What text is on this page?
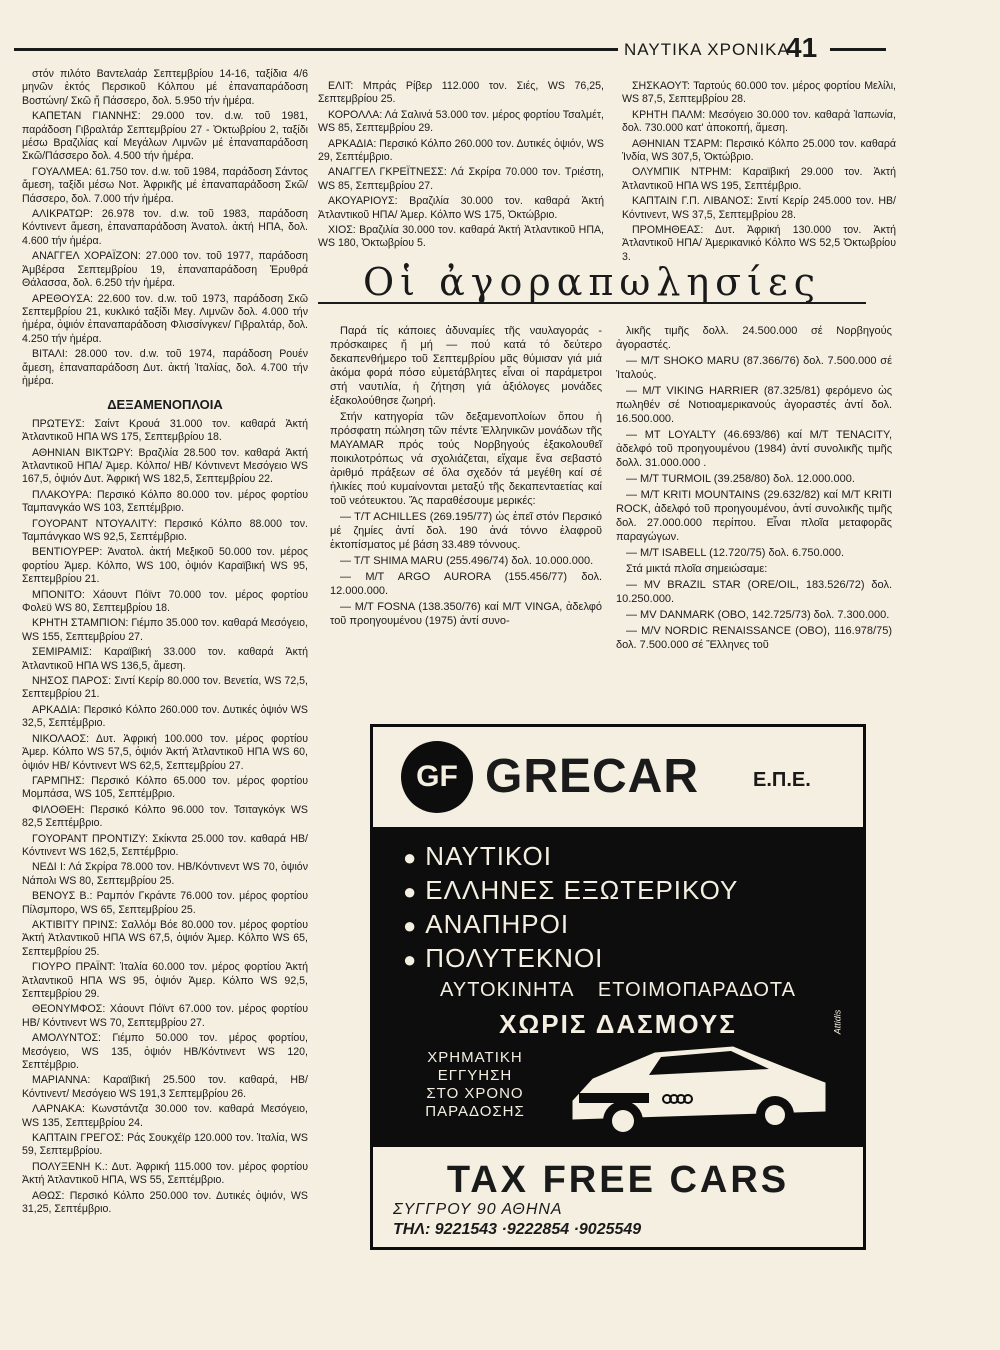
ΝΑΥΤΙΚΑ ΧΡΟΝΙΚΑ
41

στόν πιλότο Βαντελαάρ Σεπτεμβρίου 14-16, ταξίδια 4/6 μηνῶν ἐκτός Περσικοῦ Κόλπου μέ ἐπαναπαράδοση Βοστώνη/ Σκῶ ἤ Πάσσερο, δολ. 5.950 τήν ἡμέρα.

ΚΑΠΕΤΑΝ ΓΙΑΝΝΗΣ: 29.000 τον. d.w. τοῦ 1981, παράδοση Γιβραλτάρ Σεπτεμβρίου 27 - Ὀκτωβρίου 2, ταξίδι μέσω Βραζιλίας καί Μεγάλων Λιμνῶν μέ ἐπαναπαράδοση Σκῶ/Πάσσερο δολ. 4.500 τήν ἡμέρα.

ΓΟΥΑΛΜΕΑ: 61.750 τον. d.w. τοῦ 1984, παράδοση Σάντος ἄμεση, ταξίδι μέσω Νοτ. Ἀφρικῆς μέ ἐπαναπαράδοση Σκῶ/Πάσσερο, δολ. 7.000 τήν ἡμέρα.

ΑΛΙΚΡΑΤΩΡ: 26.978 τον. d.w. τοῦ 1983, παράδοση Κόντινεντ ἄμεση, ἐπαναπαράδοση Ἀνατολ. ἀκτή ΗΠΑ, δολ. 4.600 τήν ἡμέρα.

ΑΝΑΓΓΕΛ ΧΟΡΑΪΖΟΝ: 27.000 τον. τοῦ 1977, παράδοση Ἀμβέρσα Σεπτεμβρίου 19, ἐπαναπαράδοση Ἐρυθρά Θάλασσα, δολ. 6.250 τήν ἡμέρα.

ΑΡΕΘΟΥΣΑ: 22.600 τον. d.w. τοῦ 1973, παράδοση Σκῶ Σεπτεμβρίου 21, κυκλικό ταξίδι Μεγ. Λιμνῶν δολ. 4.000 τήν ἡμέρα, ὀψιόν ἐπαναπαράδοση Φλισσίνγκεν/ Γιβραλτάρ, δολ. 4.250 τήν ἡμέρα.

ΒΙΤΑΛΙ: 28.000 τον. d.w. τοῦ 1974, παράδοση Ρουέν ἄμεση, ἐπαναπαράδοση Δυτ. ἀκτή Ἰταλίας, δολ. 4.700 τήν ἡμέρα.

ΔΕΞΑΜΕΝΟΠΛΟΙΑ

ΠΡΩΤΕΥΣ: Σαίντ Κρουά 31.000 τον. καθαρά Ἀκτή Ἀτλαντικοῦ ΗΠΑ WS 175, Σεπτεμβρίου 18.

ΑΘΗΝΙΑΝ ΒΙΚΤΩΡΥ: Βραζιλία 28.500 τον. καθαρά Ἀκτή Ἀτλαντικοῦ ΗΠΑ/ Ἀμερ. Κόλπο/ ΗΒ/ Κόντινεντ Μεσόγειο WS 167,5, ὀψιόν Δυτ. Ἀφρική WS 182,5, Σεπτεμβρίου 22.

ΠΛΑΚΟΥΡΑ: Περσικό Κόλπο 80.000 τον. μέρος φορτίου Ταμπανγκάο WS 103, Σεπτέμβριο.

ΓΟΥΟΡΑΝΤ ΝΤΟΥΑΛΙΤΥ: Περσικό Κόλπο 88.000 τον. Ταμπάνγκαο WS 92,5, Σεπτέμβριο.

ΒΕΝΤΙΟΥΡΕΡ: Ἀνατολ. ἀκτή Μεξικοῦ 50.000 τον. μέρος φορτίου Ἀμερ. Κόλπο, WS 100, ὀψιόν Καραϊβική WS 95, Σεπτεμβρίου 21.

ΜΠΟΝΙΤΟ: Χάουντ Πόϊντ 70.000 τον. μέρος φορτίου Φολεϋ WS 80, Σεπτεμβρίου 18.

ΚΡΗΤΗ ΣΤΑΜΠΙΟΝ: Γιέμπο 35.000 τον. καθαρά Μεσόγειο, WS 155, Σεπτεμβρίου 27.

ΣΕΜΙΡΑΜΙΣ: Καραϊβική 33.000 τον. καθαρά Ἀκτή Ἀτλαντικοῦ ΗΠΑ WS 136,5, ἄμεση.

ΝΗΣΟΣ ΠΑΡΟΣ: Σιντί Κερίρ 80.000 τον. Βενετία, WS 72,5, Σεπτεμβρίου 21.

ΑΡΚΑΔΙΑ: Περσικό Κόλπο 260.000 τον. Δυτικές ὀψιόν WS 32,5, Σεπτέμβριο.

ΝΙΚΟΛΑΟΣ: Δυτ. Ἀφρική 100.000 τον. μέρος φορτίου Ἀμερ. Κόλπο WS 57,5, ὀψιόν Ἀκτή Ἀτλαντικοῦ ΗΠΑ WS 60, ὀψιόν ΗΒ/ Κόντινεντ WS 62,5, Σεπτεμβρίου 27.

ΓΑΡΜΠΗΣ: Περσικό Κόλπο 65.000 τον. μέρος φορτίου Μομπάσα, WS 105, Σεπτέμβριο.

ΦΙΛΟΘΕΗ: Περσικό Κόλπο 96.000 τον. Τσιταγκόγκ WS 82,5 Σεπτέμβριο.

ΓΟΥΟΡΑΝΤ ΠΡΟΝΤΙΖΥ: Σκίκντα 25.000 τον. καθαρά ΗΒ/ Κόντινεντ WS 162,5, Σεπτέμβριο.

ΝΕΔΙ Ι: Λά Σκρίρα 78.000 τον. ΗΒ/Κόντινεντ WS 70, ὀψιόν Νάπολι WS 80, Σεπτεμβρίου 25.

ΒΕΝΟΥΣ Β.: Ραμπόν Γκράντε 76.000 τον. μέρος φορτίου Πίλσμπορο, WS 65, Σεπτεμβρίου 25.

ΑΚΤΙΒΙΤΥ ΠΡΙΝΣ: Σαλλόμ Βόε 80.000 τον. μέρος φορτίου Ἀκτή Ἀτλαντικοῦ ΗΠΑ WS 67,5, ὀψιόν Ἀμερ. Κόλπο WS 65, Σεπτεμβρίου 25.

ΓΙΟΥΡΟ ΠΡΑΪΝΤ: Ἰταλία 60.000 τον. μέρος φορτίου Ἀκτή Ἀτλαντικοῦ ΗΠΑ WS 95, ὀψιόν Ἀμερ. Κόλπο WS 92,5, Σεπτεμβρίου 29.

ΘΕΟΝΥΜΦΟΣ: Χάουντ Πόϊντ 67.000 τον. μέρος φορτίου ΗΒ/ Κόντινεντ WS 70, Σεπτεμβρίου 27.

ΑΜΟΛΥΝΤΟΣ: Γιέμπο 50.000 τον. μέρος φορτίου, Μεσόγειο, WS 135, ὀψιόν ΗΒ/Κόντινεντ WS 120, Σεπτέμβριο.

ΜΑΡΙΑΝΝΑ: Καραϊβική 25.500 τον. καθαρά, ΗΒ/ Κόντινεντ/ Μεσόγειο WS 191,3 Σεπτεμβρίου 26.

ΛΑΡΝΑΚΑ: Κωνστάντζα 30.000 τον. καθαρά Μεσόγειο, WS 135, Σεπτεμβρίου 24.

ΚΑΠΤΑΙΝ ΓΡΕΓΟΣ: Ράς Σουκχέϊρ 120.000 τον. Ἰταλία, WS 59, Σεπτεμβρίου.

ΠΟΛΥΞΕΝΗ Κ.: Δυτ. Ἀφρική 115.000 τον. μέρος φορτίου Ἀκτή Ἀτλαντικοῦ ΗΠΑ, WS 55, Σεπτέμβριο.

ΑΘΩΣ: Περσικό Κόλπο 250.000 τον. Δυτικές ὀψιόν, WS 31,25, Σεπτέμβριο.

ΕΛΙΤ: Μπράς Ρίβερ 112.000 τον. Σιές, WS 76,25, Σεπτεμβρίου 25.

ΚΟΡΟΛΛΑ: Λά Σαλινά 53.000 τον. μέρος φορτίου Τσαλμέτ, WS 85, Σεπτεμβρίου 29.

ΑΡΚΑΔΙΑ: Περσικό Κόλπο 260.000 τον. Δυτικές ὀψιόν, WS 29, Σεπτέμβριο.

ΑΝΑΓΓΕΛ ΓΚΡΕΪΤΝΕΣΣ: Λά Σκρίρα 70.000 τον. Τριέστη, WS 85, Σεπτεμβρίου 27.

ΑΚΟΥΑΡΙΟΥΣ: Βραζιλία 30.000 τον. καθαρά Ἀκτή Ἀτλαντικοῦ ΗΠΑ/ Ἀμερ. Κόλπο WS 175, Ὀκτώβριο.

ΧΙΟΣ: Βραζιλία 30.000 τον. καθαρά Ἀκτή Ἀτλαντικοῦ ΗΠΑ, WS 180, Ὀκτωβρίου 5.

ΣΗΣΚΑΟΥΤ: Ταρτούς 60.000 τον. μέρος φορτίου Μελίλι, WS 87,5, Σεπτεμβρίου 28.

ΚΡΗΤΗ ΠΑΛΜ: Μεσόγειο 30.000 τον. καθαρά Ἰαπωνία, δολ. 730.000 κατ' ἀποκοπή, ἄμεση.

ΑΘΗΝΙΑΝ ΤΣΑΡΜ: Περσικό Κόλπο 25.000 τον. καθαρά Ἰνδία, WS 307,5, Ὀκτώβριο.

ΟΛΥΜΠΙΚ ΝΤΡΗΜ: Καραϊβική 29.000 τον. Ἀκτή Ἀτλαντικοῦ ΗΠΑ WS 195, Σεπτέμβριο.

ΚΑΠΤΑΙΝ Γ.Π. ΛΙΒΑΝΟΣ: Σιντί Κερίρ 245.000 τον. ΗΒ/Κόντινεντ, WS 37,5, Σεπτεμβρίου 28.

ΠΡΟΜΗΘΕΑΣ: Δυτ. Ἀφρική 130.000 τον. Ἀκτή Ἀτλαντικοῦ ΗΠΑ/ Ἀμερικανικό Κόλπο WS 52,5 Ὀκτωβρίου 3.

Οἱ ἀγοραπωλησίες

Παρά τίς κάποιες ἀδυναμίες τῆς ναυλαγοράς - πρόσκαιρες ἤ μή — πού κατά τό δεύτερο δεκαπενθήμερο τοῦ Σεπτεμβρίου μᾶς θύμισαν γιά μιά ἀκόμα φορά πόσο εὐμετάβλητες εἶναι οἱ παράμετροι στή ναυτιλία, ἡ ζήτηση γιά ἀξιόλογες μονάδες ἐξακολούθησε ζωηρή.

Στήν κατηγορία τῶν δεξαμενοπλοίων ὅπου ἡ πρόσφατη πώληση τῶν πέντε Ἑλληνικῶν μονάδων τῆς MAYAMAR πρός τούς Νορβηγούς ἐξακολουθεῖ ποικιλοτρόπως νά σχολιάζεται, εἴχαμε ἕνα σεβαστό ἀριθμό πράξεων σέ ὅλα σχεδόν τά μεγέθη καί σέ ἡλικίες πού κυμαίνονται μεταξύ τῆς δεκαπενταετίας καί τοῦ νεότευκτου. Ἄς παραθέσουμε μερικές:

— T/T ACHILLES (269.195/77) ὡς ἐπεῖ στόν Περσικό μέ ζημίες ἀντί δολ. 190 ἀνά τόννο ἐλαφροῦ ἐκτοπίσματος μέ βάση 33.489 τόννους.

— T/T SHIMA MARU (255.496/74) δολ. 10.000.000.

— M/T ARGO AURORA (155.456/77) δολ. 12.000.000.

— M/T FOSNA (138.350/76) καί M/T VINGA, ἀδελφό τοῦ προηγουμένου (1975) ἀντί συνο-

λικῆς τιμῆς δολλ. 24.500.000 σέ Νορβηγούς ἀγοραστές.

— M/T SHOKO MARU (87.366/76) δολ. 7.500.000 σέ Ἰταλούς.

— M/T VIKING HARRIER (87.325/81) φερόμενο ὡς πωληθέν σέ Νοτιοαμερικανούς ἀγοραστές ἀντί δολ. 16.500.000.

— MT LOYALTY (46.693/86) καί M/T TENACITY, ἀδελφό τοῦ προηγουμένου (1984) ἀντί συνολικῆς τιμῆς δολλ. 31.000.000 .

— M/T TURMOIL (39.258/80) δολ. 12.000.000.

— M/T KRITI MOUNTAINS (29.632/82) καί M/T KRITI ROCK, ἀδελφό τοῦ προηγουμένου, ἀντί συνολικῆς τιμῆς δολ. 27.000.000 περίπου. Εἶναι πλοῖα μεταφορᾶς παραγώγων.

— M/T ISABELL (12.720/75) δολ. 6.750.000.

Στά μικτά πλοῖα σημειώσαμε:

— MV BRAZIL STAR (ORE/OIL, 183.526/72) δολ. 10.250.000.

— MV DANMARK (OBO, 142.725/73) δολ. 7.300.000.

— M/V NORDIC RENAISSANCE (OBO), 116.978/75) δολ. 7.500.000 σέ Ἕλληνες τοῦ

GF GRECAR	Ε.Π.Ε.
● ΝΑΥΤΙΚΟΙ
● ΕΛΛΗΝΕΣ ΕΞΩΤΕΡΙΚΟΥ
● ΑΝΑΠΗΡΟΙ
● ΠΟΛΥΤΕΚΝΟΙ
ΑΥΤΟΚΙΝΗΤΑ ΕΤΟΙΜΟΠΑΡΑΔΟΤΑ
ΧΩΡΙΣ ΔΑΣΜΟΥΣ
ΧΡΗΜΑΤΙΚΗ
ΕΓΓΥΗΣΗ
ΣΤΟ ΧΡΟΝΟ
ΠΑΡΑΔΟΣΗΣ
Attidis
TAX FREE CARS
ΣΥΓΓΡΟΥ 90 ΑΘΗΝΑ
ΤΗΛ: 9221543 ·9222854 ·9025549
